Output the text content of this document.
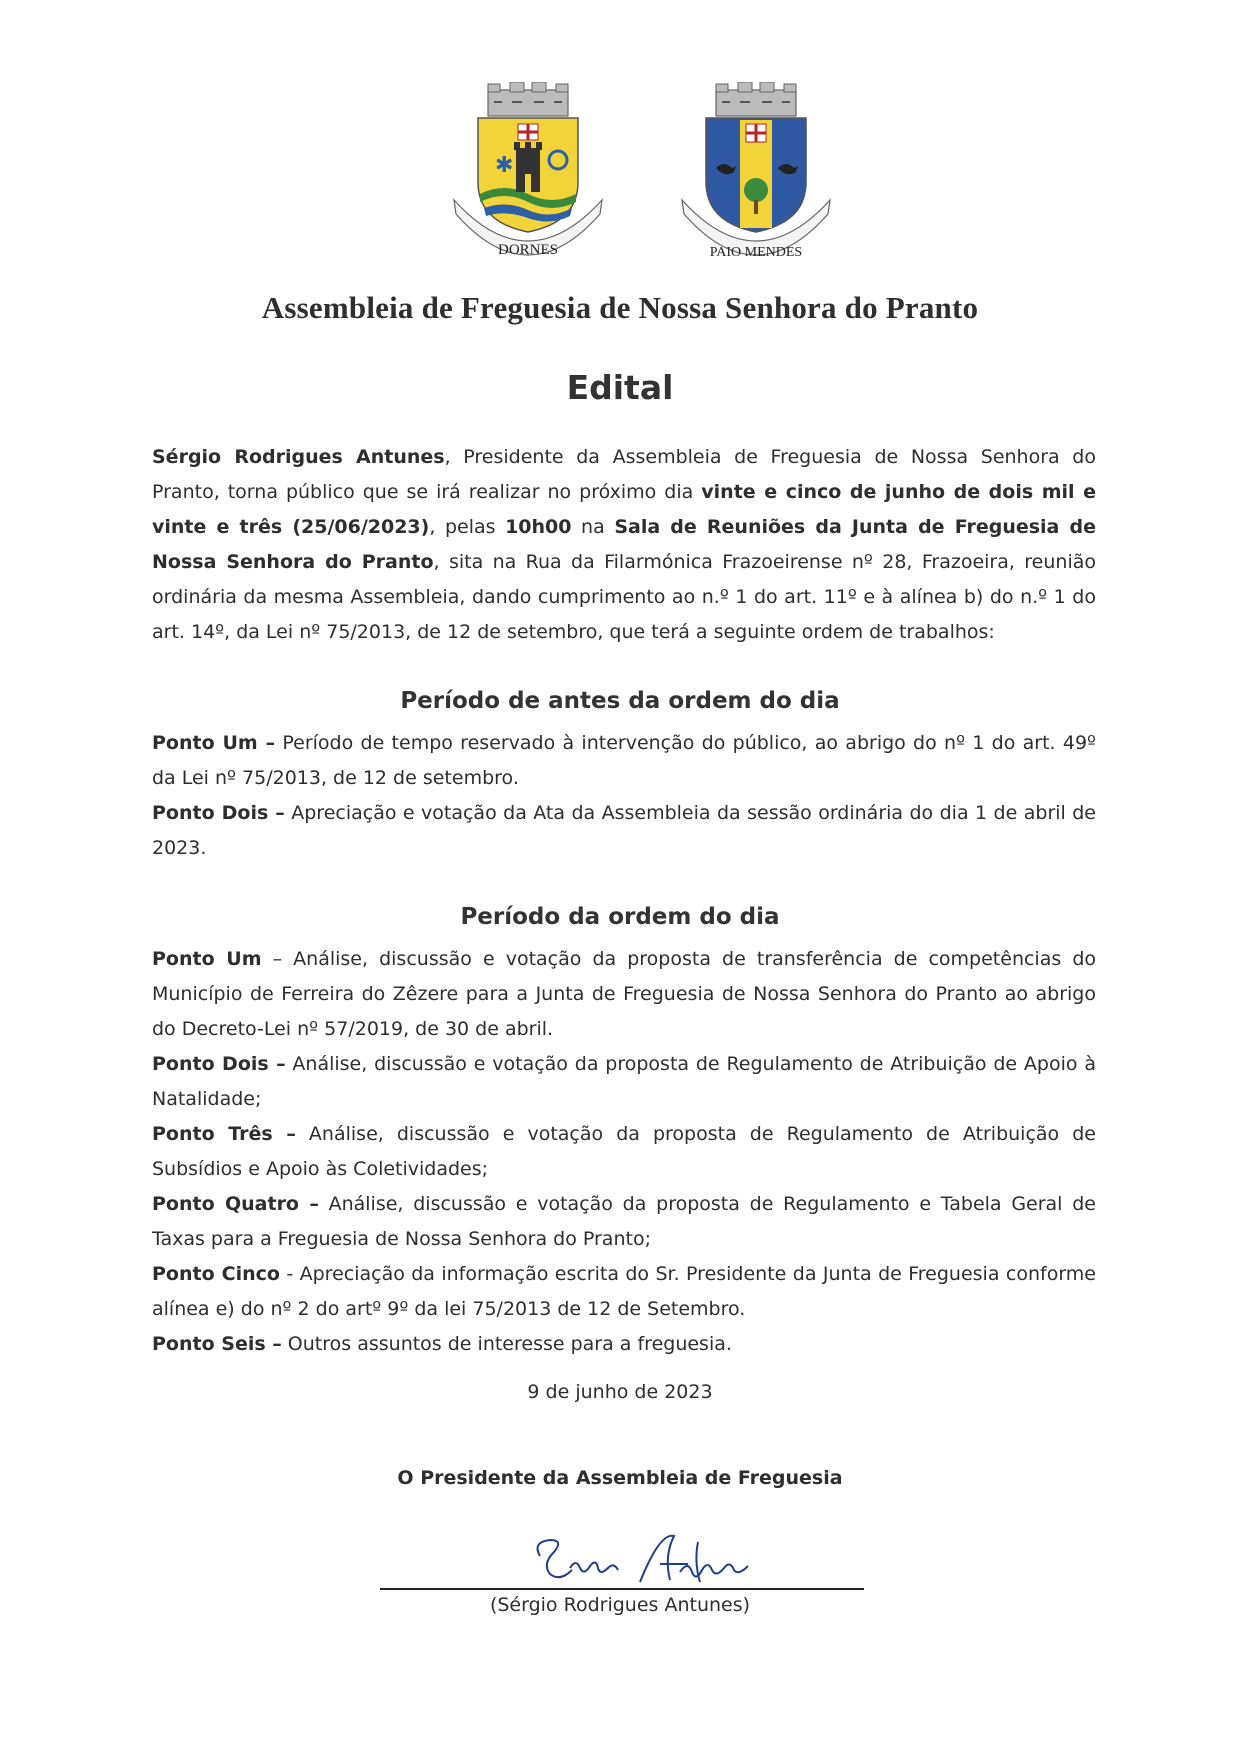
✱
DORNES	PAIO MENDES
Assembleia de Freguesia de Nossa Senhora do Pranto
Edital

Sérgio Rodrigues Antunes, Presidente da Assembleia de Freguesia de Nossa Senhora do Pranto, torna público que se irá realizar no próximo dia vinte e cinco de junho de dois mil e vinte e três (25/06/2023), pelas 10h00 na Sala de Reuniões da Junta de Freguesia de Nossa Senhora do Pranto, sita na Rua da Filarmónica Frazoeirense nº 28, Frazoeira, reunião ordinária da mesma Assembleia, dando cumprimento ao n.º 1 do art. 11º e à alínea b) do n.º 1 do art. 14º, da Lei nº 75/2013, de 12 de setembro, que terá a seguinte ordem de trabalhos:

Período de antes da ordem do dia

Ponto Um – Período de tempo reservado à intervenção do público, ao abrigo do nº 1 do art. 49º da Lei nº 75/2013, de 12 de setembro.

Ponto Dois – Apreciação e votação da Ata da Assembleia da sessão ordinária do dia 1 de abril de 2023.

Período da ordem do dia

Ponto Um – Análise, discussão e votação da proposta de transferência de competências do Município de Ferreira do Zêzere para a Junta de Freguesia de Nossa Senhora do Pranto ao abrigo do Decreto-Lei nº 57/2019, de 30 de abril.

Ponto Dois – Análise, discussão e votação da proposta de Regulamento de Atribuição de Apoio à Natalidade;

Ponto Três – Análise, discussão e votação da proposta de Regulamento de Atribuição de Subsídios e Apoio às Coletividades;

Ponto Quatro – Análise, discussão e votação da proposta de Regulamento e Tabela Geral de Taxas para a Freguesia de Nossa Senhora do Pranto;

Ponto Cinco - Apreciação da informação escrita do Sr. Presidente da Junta de Freguesia conforme alínea e) do nº 2 do artº 9º da lei 75/2013 de 12 de Setembro.

Ponto Seis – Outros assuntos de interesse para a freguesia.

9 de junho de 2023
O Presidente da Assembleia de Freguesia
(Sérgio Rodrigues Antunes)
